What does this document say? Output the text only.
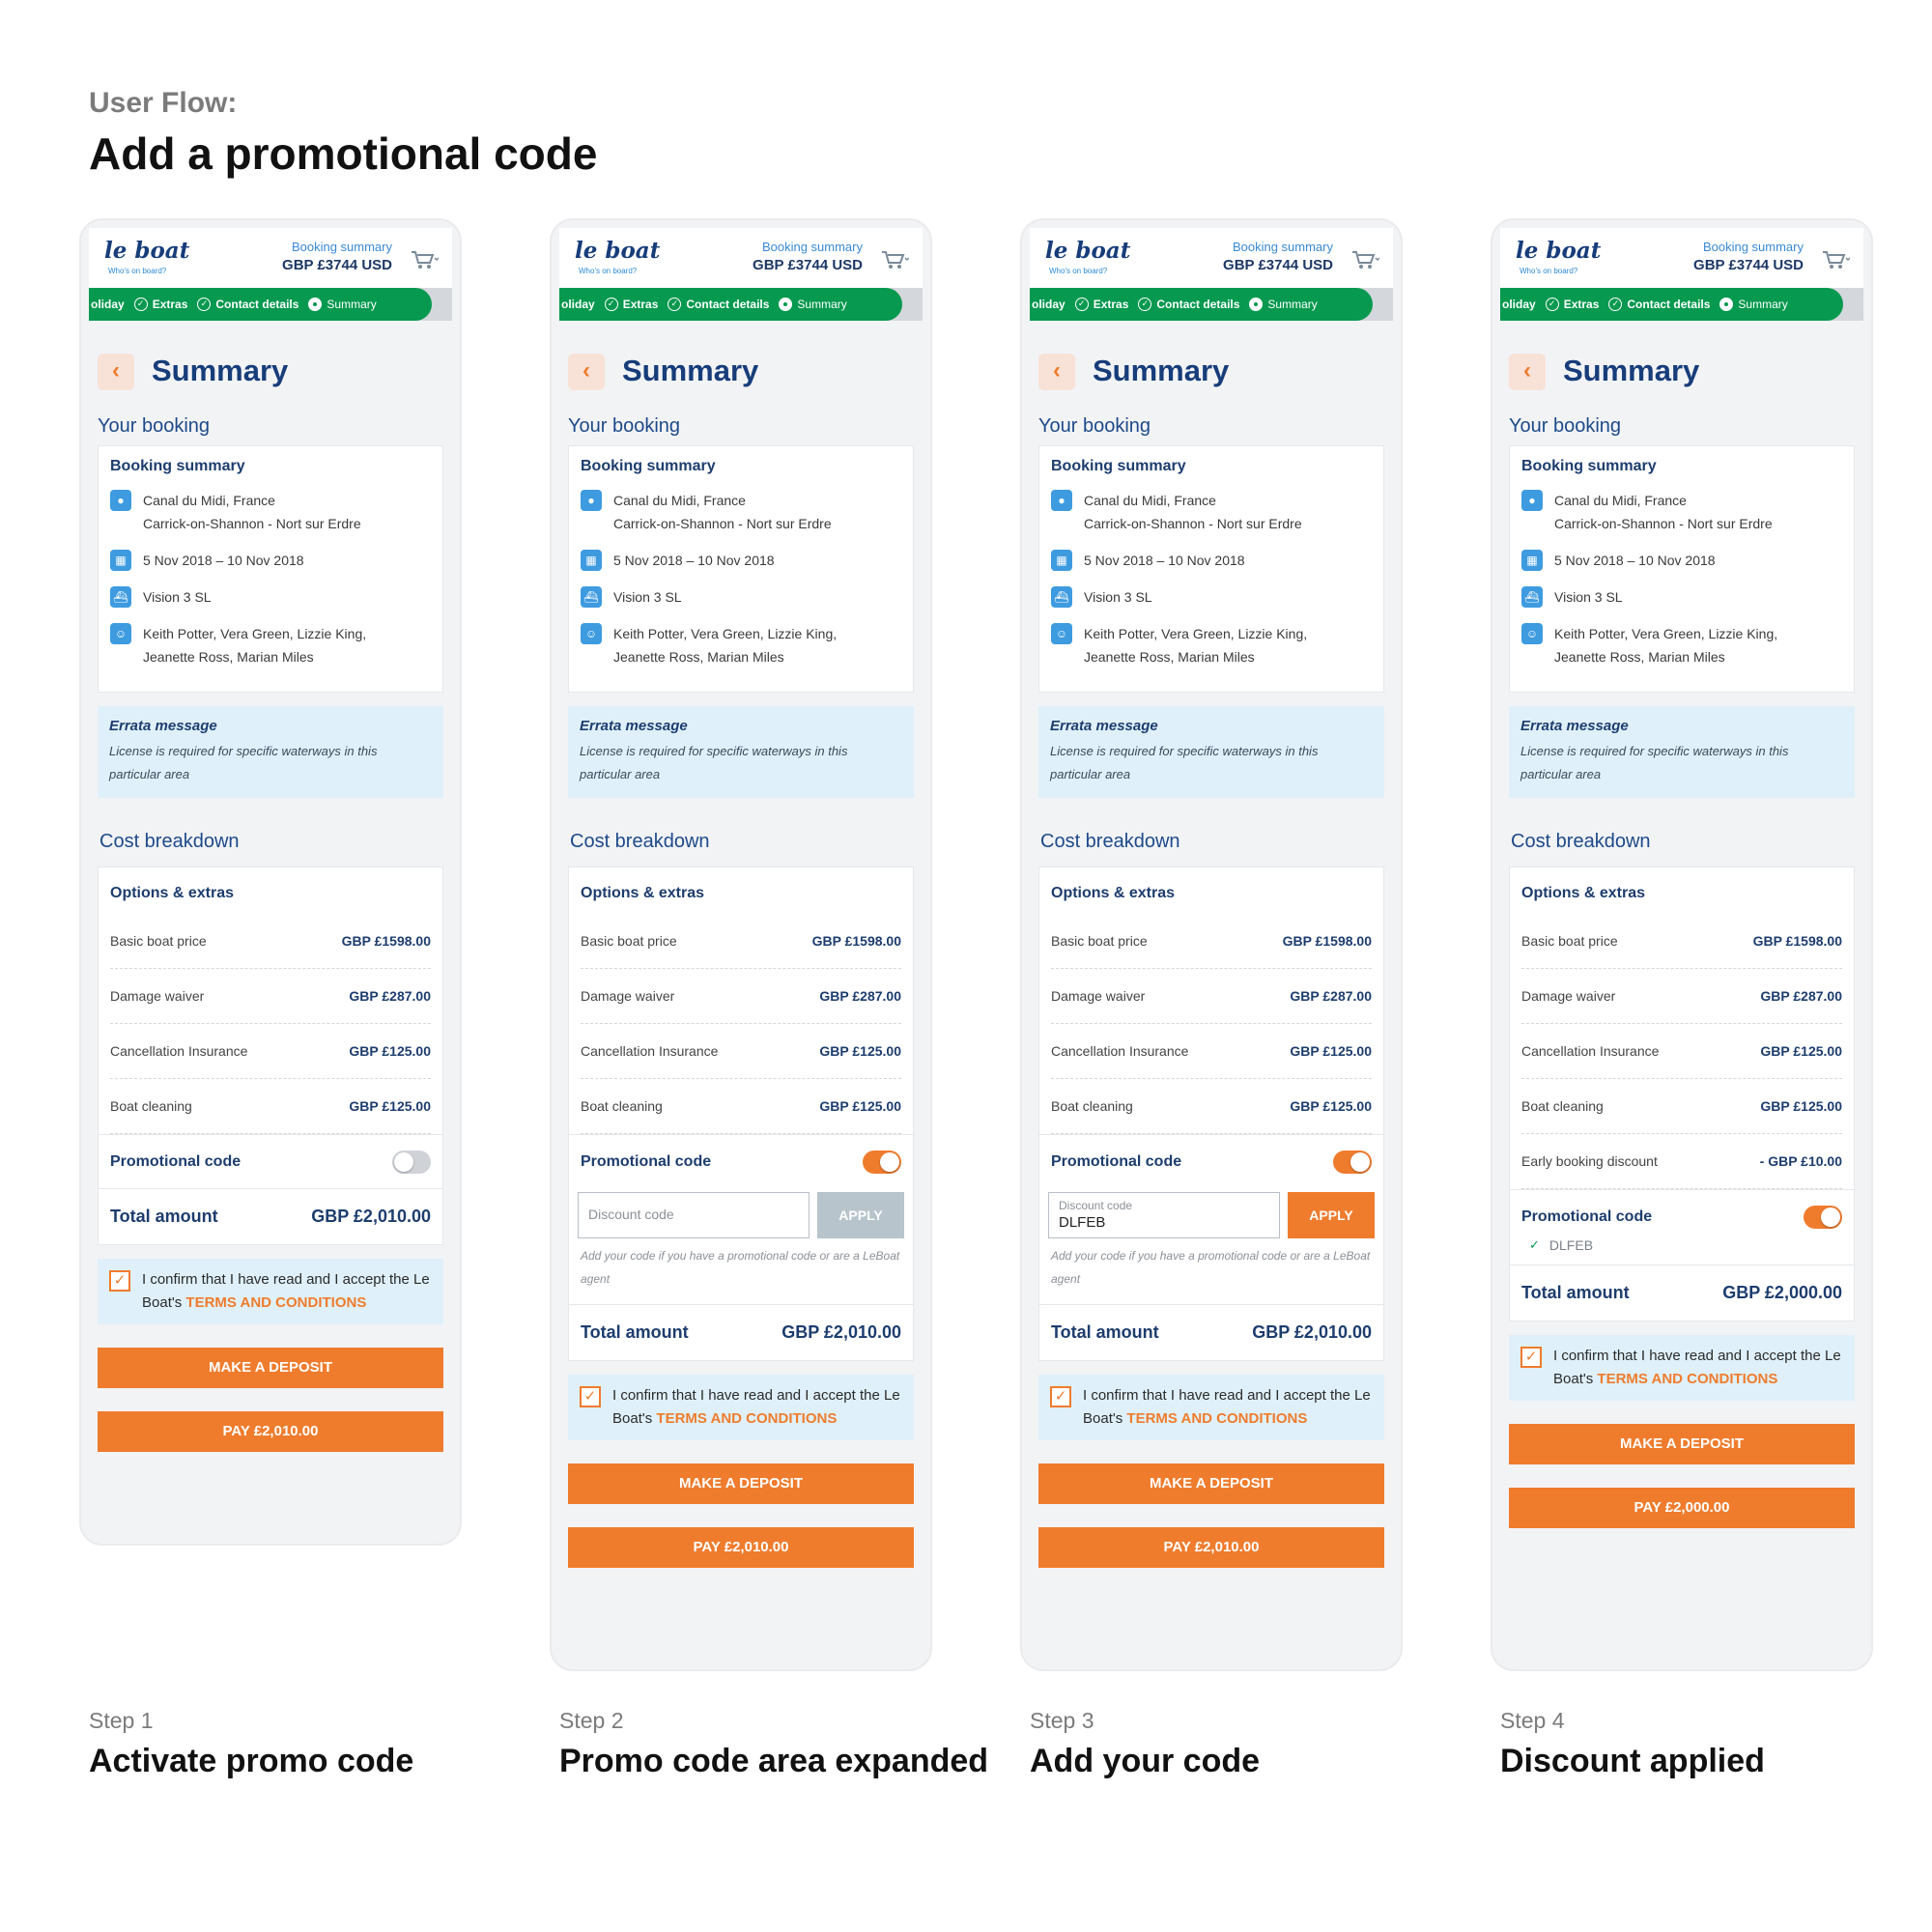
User Flow:
Add a promotional code
le boat
Who's on board?
Booking summary
GBP £3744 USD
oliday	✓ Extras	✓ Contact details Summary
‹	Summary
Your booking
Booking summary
●	Canal du Midi, France
Carrick-on-Shannon - Nort sur Erdre
▦	5 Nov 2018 – 10 Nov 2018
⛴ Vision 3 SL
☺	Keith Potter, Vera Green, Lizzie King,
Jeanette Ross, Marian Miles
Errata message
License is required for specific waterways in this particular area
Cost breakdown
Options & extras
Basic boat price	GBP £1598.00
Damage waiver	GBP £287.00
Cancellation Insurance	GBP £125.00
Boat cleaning	GBP £125.00
Promotional code
Total amount	GBP £2,010.00
✓	I confirm that I have read and I accept the Le Boat's TERMS AND CONDITIONS
MAKE A DEPOSIT
PAY £2,010.00
le boat
Who's on board?
Booking summary
GBP £3744 USD
oliday	✓ Extras	✓ Contact details Summary
‹	Summary
Your booking
Booking summary
●	Canal du Midi, France
Carrick-on-Shannon - Nort sur Erdre
▦	5 Nov 2018 – 10 Nov 2018
⛴ Vision 3 SL
☺	Keith Potter, Vera Green, Lizzie King,
Jeanette Ross, Marian Miles
Errata message
License is required for specific waterways in this particular area
Cost breakdown
Options & extras
Basic boat price	GBP £1598.00
Damage waiver	GBP £287.00
Cancellation Insurance	GBP £125.00
Boat cleaning	GBP £125.00
Promotional code
Discount code	APPLY
Add your code if you have a promotional code or are a LeBoat agent
Total amount	GBP £2,010.00
✓	I confirm that I have read and I accept the Le Boat's TERMS AND CONDITIONS
MAKE A DEPOSIT
PAY £2,010.00
le boat
Who's on board?
Booking summary
GBP £3744 USD
oliday	✓ Extras	✓ Contact details Summary
‹	Summary
Your booking
Booking summary
●	Canal du Midi, France
Carrick-on-Shannon - Nort sur Erdre
▦	5 Nov 2018 – 10 Nov 2018
⛴ Vision 3 SL
☺	Keith Potter, Vera Green, Lizzie King,
Jeanette Ross, Marian Miles
Errata message
License is required for specific waterways in this particular area
Cost breakdown
Options & extras
Basic boat price	GBP £1598.00
Damage waiver	GBP £287.00
Cancellation Insurance	GBP £125.00
Boat cleaning	GBP £125.00
Promotional code
Discount code
DLFEB	APPLY
Add your code if you have a promotional code or are a LeBoat agent
Total amount	GBP £2,010.00
✓	I confirm that I have read and I accept the Le Boat's TERMS AND CONDITIONS
MAKE A DEPOSIT
PAY £2,010.00
le boat
Who's on board?
Booking summary
GBP £3744 USD
oliday	✓ Extras	✓ Contact details Summary
‹	Summary
Your booking
Booking summary
●	Canal du Midi, France
Carrick-on-Shannon - Nort sur Erdre
▦	5 Nov 2018 – 10 Nov 2018
⛴ Vision 3 SL
☺	Keith Potter, Vera Green, Lizzie King,
Jeanette Ross, Marian Miles
Errata message
License is required for specific waterways in this particular area
Cost breakdown
Options & extras
Basic boat price	GBP £1598.00
Damage waiver	GBP £287.00
Cancellation Insurance	GBP £125.00
Boat cleaning	GBP £125.00
Early booking discount	- GBP £10.00
Promotional code
✓ DLFEB
Total amount	GBP £2,000.00
✓	I confirm that I have read and I accept the Le Boat's TERMS AND CONDITIONS
MAKE A DEPOSIT
PAY £2,000.00
Step 1
Activate promo code
Step 2
Promo code area expanded
Step 3
Add your code
Step 4
Discount applied
